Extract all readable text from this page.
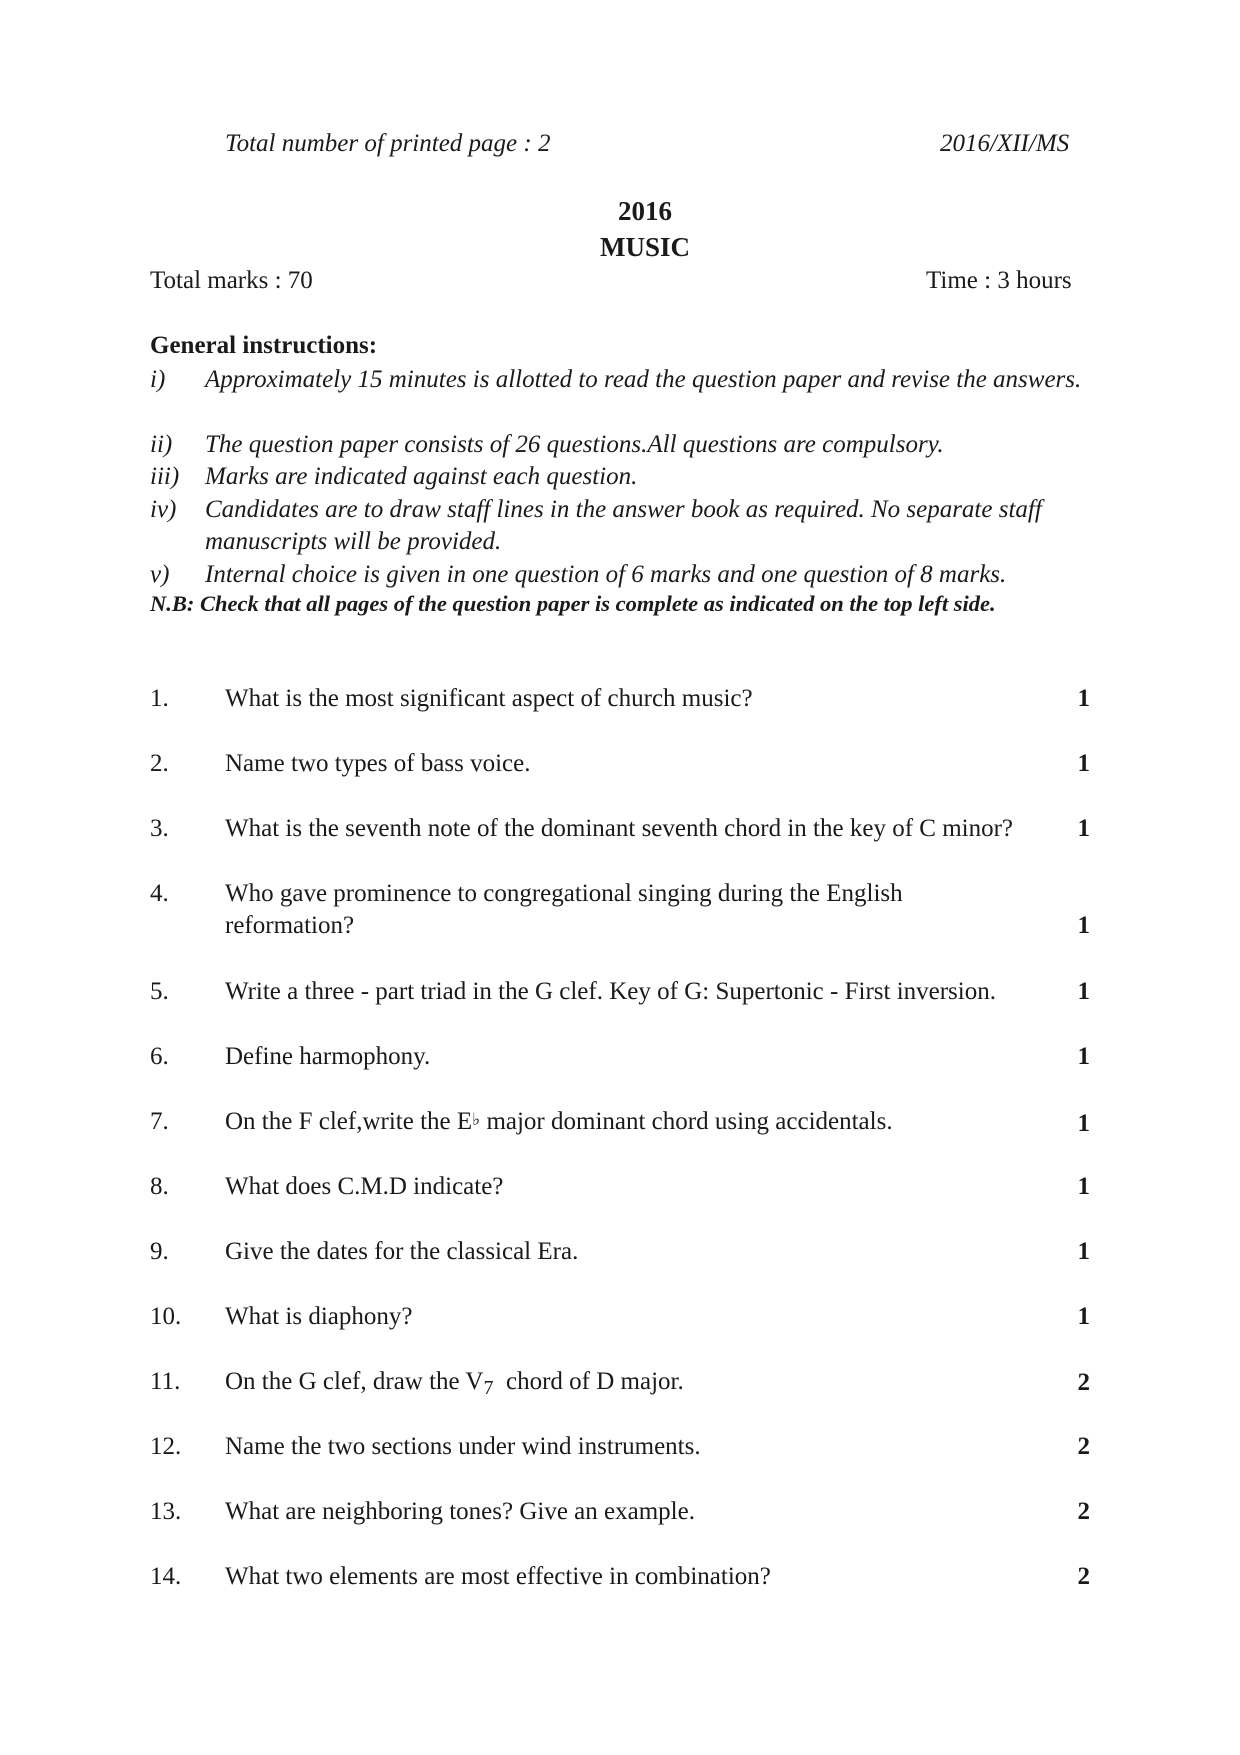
Total number of printed page : 2	2016/XII/MS
2016
MUSIC
Total marks : 70	Time : 3 hours
General instructions:
i) Approximately 15 minutes is allotted to read the question paper and revise the answers.
ii) The question paper consists of 26 questions.All questions are compulsory.
iii) Marks are indicated against each question.
iv) Candidates are to draw staff lines in the answer book as required. No separate staff manuscripts will be provided.
v) Internal choice is given in one question of 6 marks and one question of 8 marks.
N.B: Check that all pages of the question paper is complete as indicated on the top left side.
1. What is the most significant aspect of church music?	1
2. Name two types of bass voice.	1
3. What is the seventh note of the dominant seventh chord in the key of C minor?	1
4. Who gave prominence to congregational singing during the English reformation?	1
5. Write a three - part triad in the G clef. Key of G: Supertonic - First inversion.	1
6. Define harmophony.	1
7. On the F clef,write the E♭ major dominant chord using accidentals.	1
8. What does C.M.D indicate?	1
9. Give the dates for the classical Era.	1
10. What is diaphony?	1
11. On the G clef, draw the $V_7$  chord of D major.	2
12. Name the two sections under wind instruments.	2
13. What are neighboring tones? Give an example.	2
14. What two elements are most effective in combination?	2
